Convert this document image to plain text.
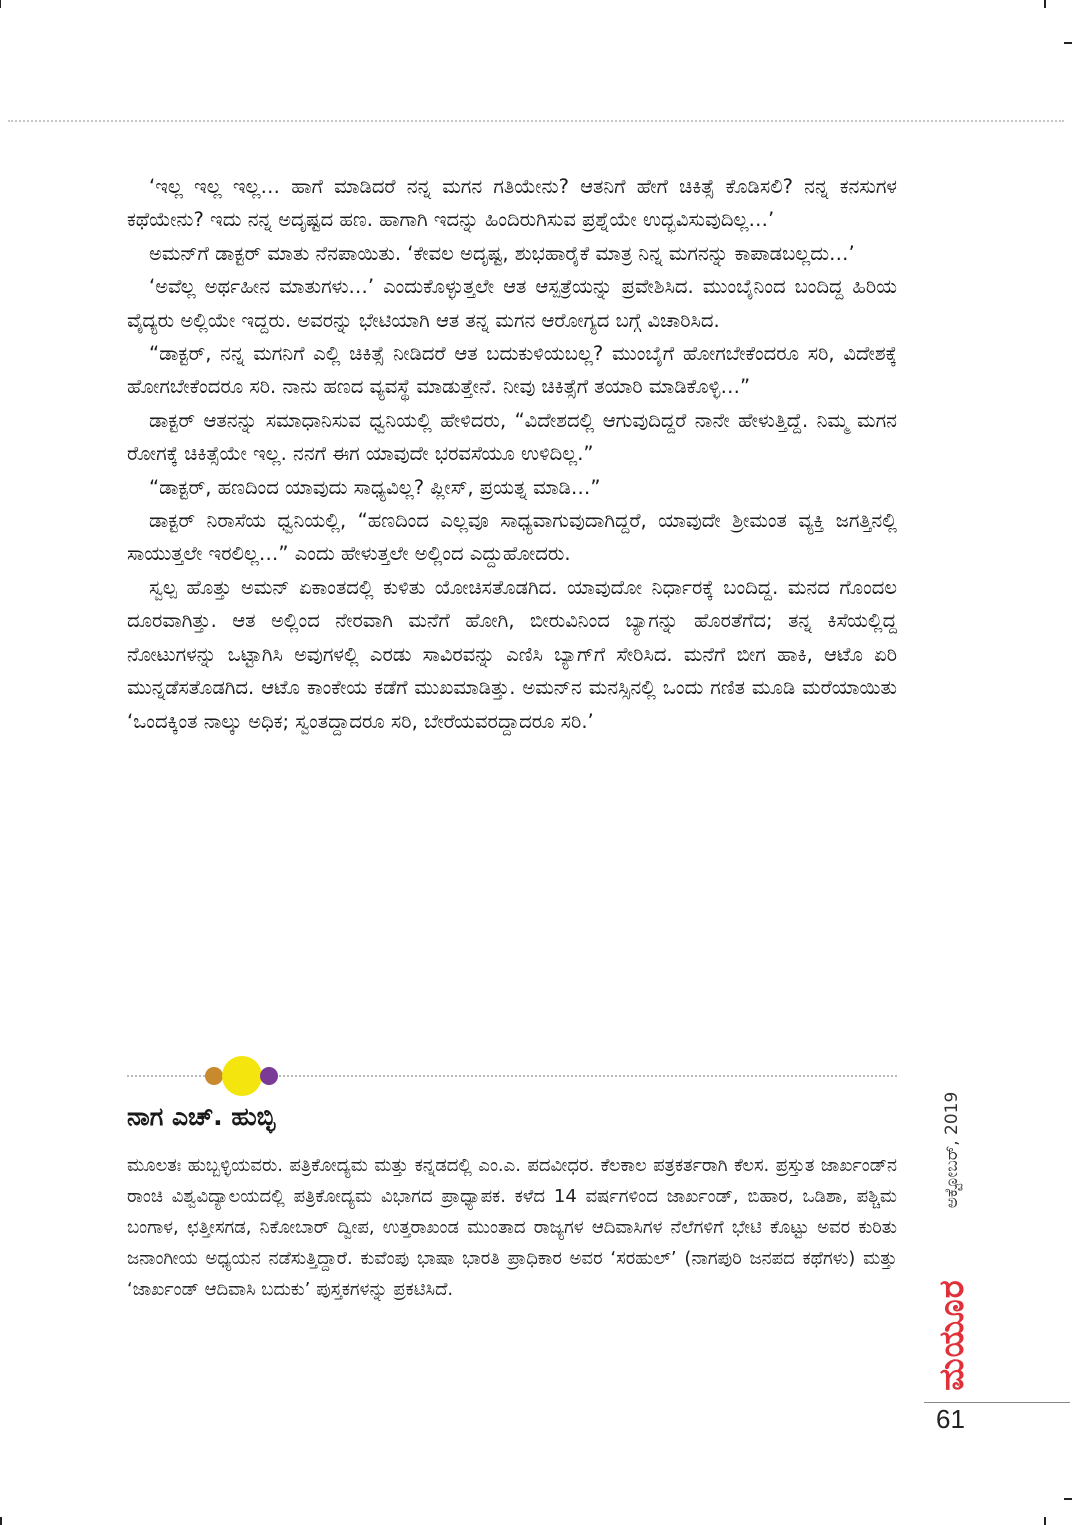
‘ಇಲ್ಲ ಇಲ್ಲ ಇಲ್ಲ… ಹಾಗೆ ಮಾಡಿದರೆ ನನ್ನ ಮಗನ ಗತಿಯೇನು? ಆತನಿಗೆ ಹೇಗೆ ಚಿಕಿತ್ಸೆ ಕೊಡಿಸಲಿ? ನನ್ನ ಕನಸುಗಳ ಕಥೆಯೇನು? ಇದು ನನ್ನ ಅದೃಷ್ಟದ ಹಣ. ಹಾಗಾಗಿ ಇದನ್ನು ಹಿಂದಿರುಗಿಸುವ ಪ್ರಶ್ನೆಯೇ ಉದ್ಭವಿಸುವುದಿಲ್ಲ…’

ಅಮನ್‌ಗೆ ಡಾಕ್ಟರ್ ಮಾತು ನೆನಪಾಯಿತು. ‘ಕೇವಲ ಅದೃಷ್ಟ, ಶುಭಹಾರೈಕೆ ಮಾತ್ರ ನಿನ್ನ ಮಗನನ್ನು ಕಾಪಾಡಬಲ್ಲದು…’

‘ಅವೆಲ್ಲ ಅರ್ಥಹೀನ ಮಾತುಗಳು…’ ಎಂದುಕೊಳ್ಳುತ್ತಲೇ ಆತ ಆಸ್ಪತ್ರೆಯನ್ನು ಪ್ರವೇಶಿಸಿದ. ಮುಂಬೈನಿಂದ ಬಂದಿದ್ದ ಹಿರಿಯ ವೈದ್ಯರು ಅಲ್ಲಿಯೇ ಇದ್ದರು. ಅವರನ್ನು ಭೇಟಿಯಾಗಿ ಆತ ತನ್ನ ಮಗನ ಆರೋಗ್ಯದ ಬಗ್ಗೆ ವಿಚಾರಿಸಿದ.

“ಡಾಕ್ಟರ್, ನನ್ನ ಮಗನಿಗೆ ಎಲ್ಲಿ ಚಿಕಿತ್ಸೆ ನೀಡಿದರೆ ಆತ ಬದುಕುಳಿಯಬಲ್ಲ? ಮುಂಬೈಗೆ ಹೋಗಬೇಕೆಂದರೂ ಸರಿ, ವಿದೇಶಕ್ಕೆ ಹೋಗಬೇಕೆಂದರೂ ಸರಿ. ನಾನು ಹಣದ ವ್ಯವಸ್ಥೆ ಮಾಡುತ್ತೇನೆ. ನೀವು ಚಿಕಿತ್ಸೆಗೆ ತಯಾರಿ ಮಾಡಿಕೊಳ್ಳಿ…”

ಡಾಕ್ಟರ್ ಆತನನ್ನು ಸಮಾಧಾನಿಸುವ ಧ್ವನಿಯಲ್ಲಿ ಹೇಳಿದರು, “ವಿದೇಶದಲ್ಲಿ ಆಗುವುದಿದ್ದರೆ ನಾನೇ ಹೇಳುತ್ತಿದ್ದೆ. ನಿಮ್ಮ ಮಗನ ರೋಗಕ್ಕೆ ಚಿಕಿತ್ಸೆಯೇ ಇಲ್ಲ. ನನಗೆ ಈಗ ಯಾವುದೇ ಭರವಸೆಯೂ ಉಳಿದಿಲ್ಲ.”

“ಡಾಕ್ಟರ್, ಹಣದಿಂದ ಯಾವುದು ಸಾಧ್ಯವಿಲ್ಲ? ಪ್ಲೀಸ್, ಪ್ರಯತ್ನ ಮಾಡಿ…”

ಡಾಕ್ಟರ್ ನಿರಾಸೆಯ ಧ್ವನಿಯಲ್ಲಿ, “ಹಣದಿಂದ ಎಲ್ಲವೂ ಸಾಧ್ಯವಾಗುವುದಾಗಿದ್ದರೆ, ಯಾವುದೇ ಶ್ರೀಮಂತ ವ್ಯಕ್ತಿ ಜಗತ್ತಿನಲ್ಲಿ ಸಾಯುತ್ತಲೇ ಇರಲಿಲ್ಲ…” ಎಂದು ಹೇಳುತ್ತಲೇ ಅಲ್ಲಿಂದ ಎದ್ದುಹೋದರು.

ಸ್ವಲ್ಪ ಹೊತ್ತು ಅಮನ್ ಏಕಾಂತದಲ್ಲಿ ಕುಳಿತು ಯೋಚಿಸತೊಡಗಿದ. ಯಾವುದೋ ನಿರ್ಧಾರಕ್ಕೆ ಬಂದಿದ್ದ. ಮನದ ಗೊಂದಲ ದೂರವಾಗಿತ್ತು. ಆತ ಅಲ್ಲಿಂದ ನೇರವಾಗಿ ಮನೆಗೆ ಹೋಗಿ, ಬೀರುವಿನಿಂದ ಬ್ಯಾಗನ್ನು ಹೊರತೆಗೆದ; ತನ್ನ ಕಿಸೆಯಲ್ಲಿದ್ದ ನೋಟುಗಳನ್ನು ಒಟ್ಟಾಗಿಸಿ ಅವುಗಳಲ್ಲಿ ಎರಡು ಸಾವಿರವನ್ನು ಎಣಿಸಿ ಬ್ಯಾಗ್‌ಗೆ ಸೇರಿಸಿದ. ಮನೆಗೆ ಬೀಗ ಹಾಕಿ, ಆಟೊ ಏರಿ ಮುನ್ನಡೆಸತೊಡಗಿದ. ಆಟೊ ಕಾಂಕೇಯ ಕಡೆಗೆ ಮುಖಮಾಡಿತ್ತು. ಅಮನ್‌ನ ಮನಸ್ಸಿನಲ್ಲಿ ಒಂದು ಗಣಿತ ಮೂಡಿ ಮರೆಯಾಯಿತು ‘ಒಂದಕ್ಕಿಂತ ನಾಲ್ಕು ಅಧಿಕ; ಸ್ವಂತದ್ದಾದರೂ ಸರಿ, ಬೇರೆಯವರದ್ದಾದರೂ ಸರಿ.’

ನಾಗ ಎಚ್. ಹುಬ್ಳಿ
ಮೂಲತಃ ಹುಬ್ಬಳ್ಳಿಯವರು. ಪತ್ರಿಕೋದ್ಯಮ ಮತ್ತು ಕನ್ನಡದಲ್ಲಿ ಎಂ.ಎ. ಪದವೀಧರ. ಕೆಲಕಾಲ ಪತ್ರಕರ್ತರಾಗಿ ಕೆಲಸ. ಪ್ರಸ್ತುತ ಜಾರ್ಖಂಡ್‌ನ ರಾಂಚಿ ವಿಶ್ವವಿದ್ಯಾಲಯದಲ್ಲಿ ಪತ್ರಿಕೋದ್ಯಮ ವಿಭಾಗದ ಪ್ರಾಧ್ಯಾಪಕ. ಕಳೆದ 14 ವರ್ಷಗಳಿಂದ ಜಾರ್ಖಂಡ್, ಬಿಹಾರ, ಒಡಿಶಾ, ಪಶ್ಚಿಮ ಬಂಗಾಳ, ಛತ್ತೀಸಗಡ, ನಿಕೋಬಾರ್ ದ್ವೀಪ, ಉತ್ತರಾಖಂಡ ಮುಂತಾದ ರಾಜ್ಯಗಳ ಆದಿವಾಸಿಗಳ ನೆಲೆಗಳಿಗೆ ಭೇಟಿ ಕೊಟ್ಟು ಅವರ ಕುರಿತು ಜನಾಂಗೀಯ ಅಧ್ಯಯನ ನಡೆಸುತ್ತಿದ್ದಾರೆ. ಕುವೆಂಪು ಭಾಷಾ ಭಾರತಿ ಪ್ರಾಧಿಕಾರ ಅವರ ‘ಸರಹುಲ್’ (ನಾಗಪುರಿ ಜನಪದ ಕಥೆಗಳು) ಮತ್ತು ‘ಜಾರ್ಖಂಡ್ ಆದಿವಾಸಿ ಬದುಕು’ ಪುಸ್ತಕಗಳನ್ನು ಪ್ರಕಟಿಸಿದೆ.
ಅಕ್ಟೋಬರ್, 2019
ಮಯೂರ
61
